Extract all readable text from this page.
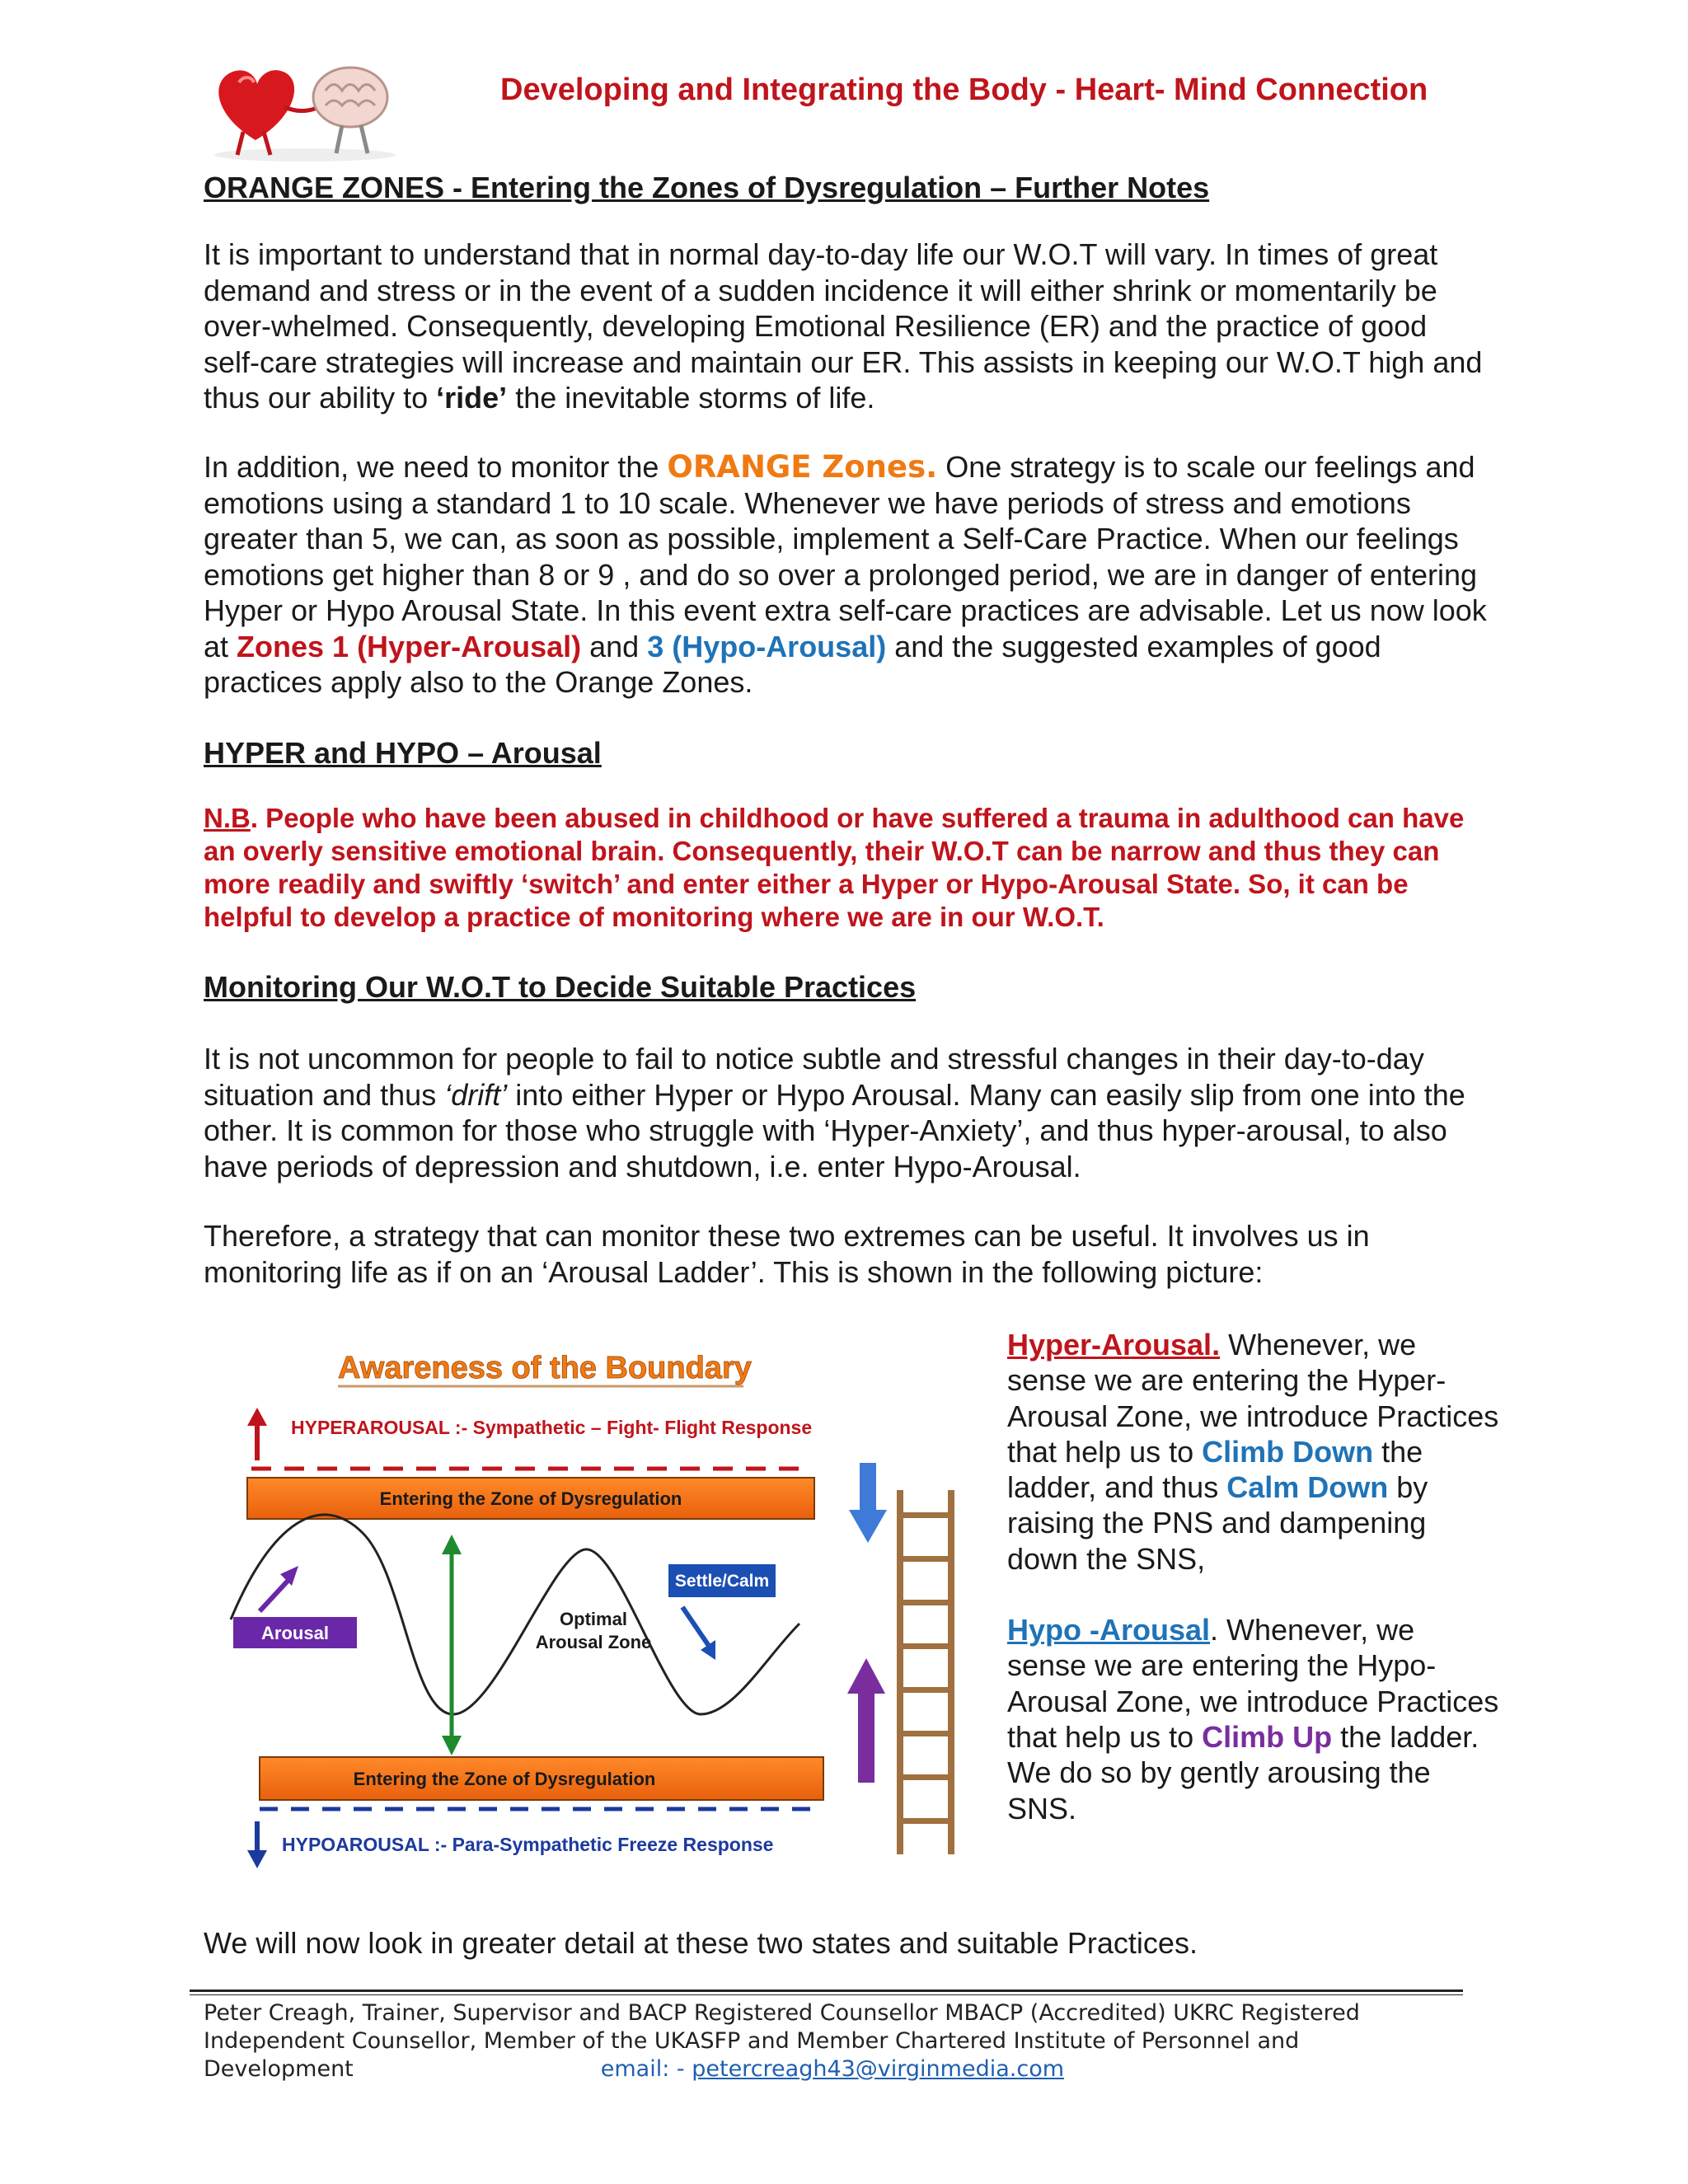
Developing and Integrating the Body - Heart- Mind Connection
ORANGE ZONES - Entering the Zones of Dysregulation – Further Notes
It is important to understand that in normal day-to-day life our W.O.T will vary. In times of great demand and stress or in the event of a sudden incidence it will either shrink or momentarily be over-whelmed. Consequently, developing Emotional Resilience (ER) and the practice of good self-care strategies will increase and maintain our ER. This assists in keeping our W.O.T high and thus our ability to ‘ride’ the inevitable storms of life.
In addition, we need to monitor the ORANGE Zones. One strategy is to scale our feelings and emotions using a standard 1 to 10 scale. Whenever we have periods of stress and emotions greater than 5, we can, as soon as possible, implement a Self-Care Practice. When our feelings emotions get higher than 8 or 9 , and do so over a prolonged period, we are in danger of entering Hyper or Hypo Arousal State. In this event extra self-care practices are advisable. Let us now look at Zones 1 (Hyper-Arousal) and 3 (Hypo-Arousal) and the suggested examples of good practices apply also to the Orange Zones.
HYPER and HYPO – Arousal
N.B. People who have been abused in childhood or have suffered a trauma in adulthood can have an overly sensitive emotional brain. Consequently, their W.O.T can be narrow and thus they can more readily and swiftly ‘switch’ and enter either a Hyper or Hypo-Arousal State. So, it can be helpful to develop a practice of monitoring where we are in our W.O.T.
Monitoring Our W.O.T to Decide Suitable Practices
It is not uncommon for people to fail to notice subtle and stressful changes in their day-to-day situation and thus ‘drift’ into either Hyper or Hypo Arousal. Many can easily slip from one into the other. It is common for those who struggle with ‘Hyper-Anxiety’, and thus hyper-arousal, to also have periods of depression and shutdown, i.e. enter Hypo-Arousal.
Therefore, a strategy that can monitor these two extremes can be useful. It involves us in monitoring life as if on an ‘Arousal Ladder’. This is shown in the following picture:
Awareness of the Boundary
HYPERAROUSAL :- Sympathetic – Fight- Flight Response
Entering the Zone of Dysregulation
Arousal
Settle/Calm
Optimal
Arousal Zone
Entering the Zone of Dysregulation
HYPOAROUSAL :- Para-Sympathetic Freeze Response

Hyper-Arousal. Whenever, we sense we are entering the Hyper-Arousal Zone, we introduce Practices that help us to Climb Down the ladder, and thus Calm Down by raising the PNS and dampening down the SNS,

Hypo -Arousal. Whenever, we sense we are entering the Hypo-Arousal Zone, we introduce Practices that help us to Climb Up the ladder. We do so by gently arousing the SNS.

We will now look in greater detail at these two states and suitable Practices.
Peter Creagh, Trainer, Supervisor and BACP Registered Counsellor MBACP (Accredited) UKRC Registered
Independent Counsellor, Member of the UKASFP and Member Chartered Institute of Personnel and
Development	email: - petercreagh43@virginmedia.com
